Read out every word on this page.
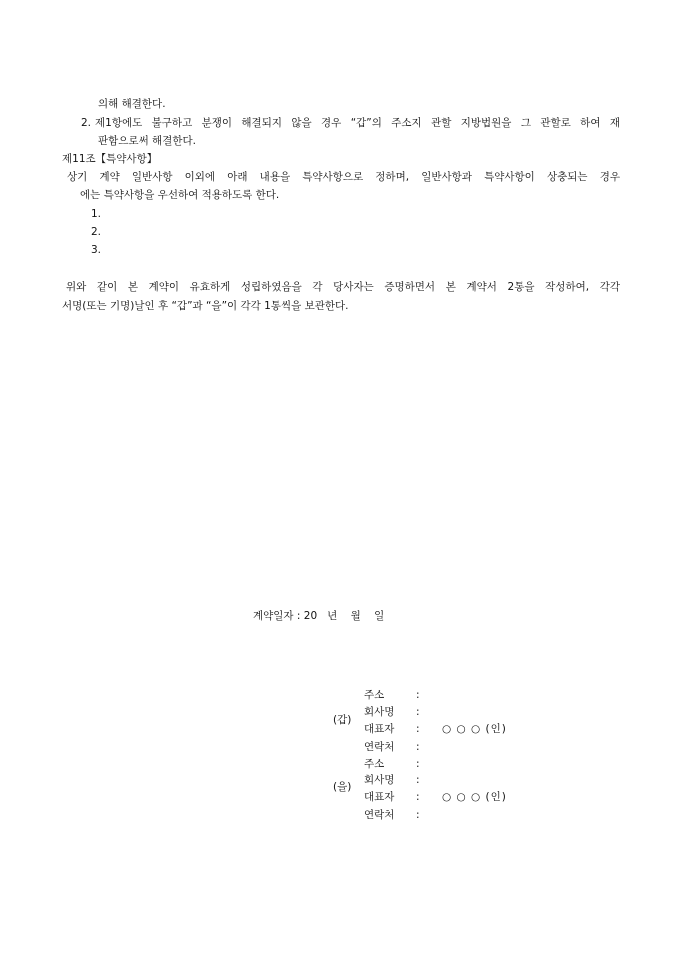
의해 해결한다.
2. 제1항에도 불구하고 분쟁이 해결되지 않을 경우 “갑”의 주소지 관할 지방법원을 그 관할로 하여 재
판함으로써 해결한다.
제11조【특약사항】
상기 계약 일반사항 이외에 아래 내용을 특약사항으로 정하며, 일반사항과 특약사항이 상충되는 경우
에는 특약사항을 우선하여 적용하도록 한다.
1.
2.
3.
위와 같이 본 계약이 유효하게 성립하였음을 각 당사자는 증명하면서 본 계약서 2통을 작성하여, 각각
서명(또는 기명)날인 후 “갑”과 “을”이 각각 1통씩을 보관한다.
계약일자 : 20   년    월    일
(갑)
주소	:
회사명	:
대표자	: ○ ○ ○ (인)
연락처	:
(을)
주소	:
회사명	:
대표자	: ○ ○ ○ (인)
연락처	:
